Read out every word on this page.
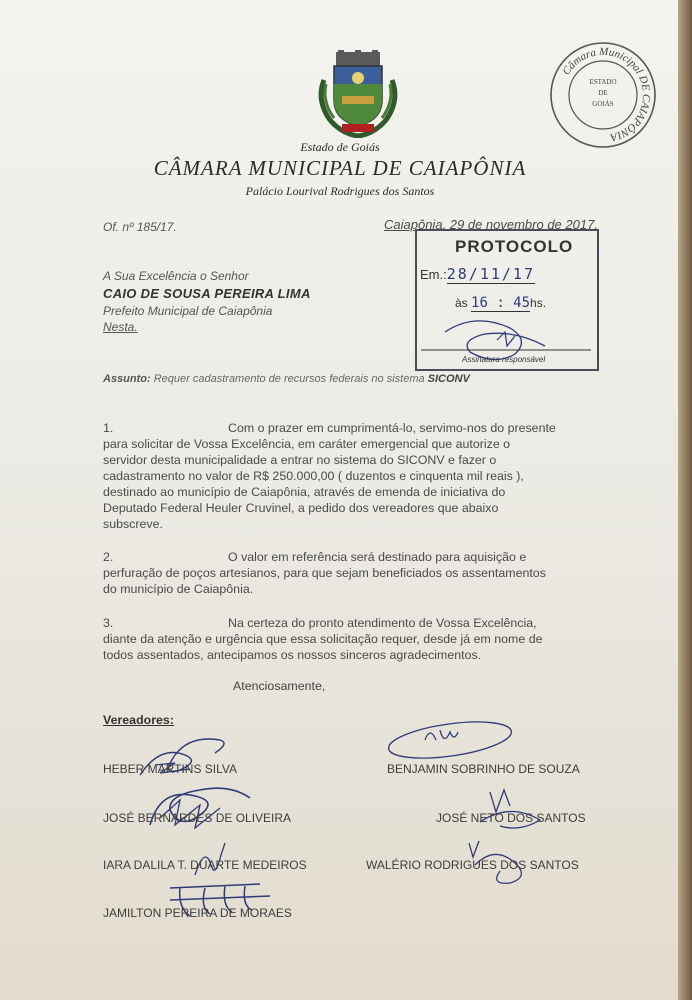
Estado de Goiás
CÂMARA MUNICIPAL DE CAIAPÔNIA
Palácio Lourival Rodrigues dos Santos
Câmara Municipal DE CAIAPÔNIA
ESTADO
DE
GOIÁS
Of. nº 185/17.	Caiapônia, 29 de novembro de 2017.
PROTOCOLO
Em.:28/11/17
às 16 : 45hs.
Assinatura responsável
A Sua Excelência o Senhor
CAIO DE SOUSA PEREIRA LIMA
Prefeito Municipal de Caiapônia
Nesta.
Assunto: Requer cadastramento de recursos federais no sistema SICONV
1.	Com o prazer em cumprimentá-lo, servimo-nos do presente
para solicitar de Vossa Excelência, em caráter emergencial que autorize o
servidor desta municipalidade a entrar no sistema do SICONV e fazer o
cadastramento no valor de R$ 250.000,00 ( duzentos e cinquenta mil reais ),
destinado ao município de Caiapônia, através de emenda de iniciativa do
Deputado Federal Heuler Cruvinel, a pedido dos vereadores que abaixo
subscreve.
2.	O valor em referência será destinado para aquisição e
perfuração de poços artesianos, para que sejam beneficiados os assentamentos
do município de Caiapônia.
3.	Na certeza do pronto atendimento de Vossa Excelência,
diante da atenção e urgência que essa solicitação requer, desde já em nome de
todos assentados, antecipamos os nossos sinceros agradecimentos.
Atenciosamente,
Vereadores:
HEBER MARTINS SILVA	BENJAMIN SOBRINHO DE SOUZA
JOSÉ BERNARDES DE OLIVEIRA	JOSÉ NETO DOS SANTOS
IARA DALILA T. DUARTE MEDEIROS	WALÉRIO RODRIGUES DOS SANTOS
JAMILTON PEREIRA DE MORAES
